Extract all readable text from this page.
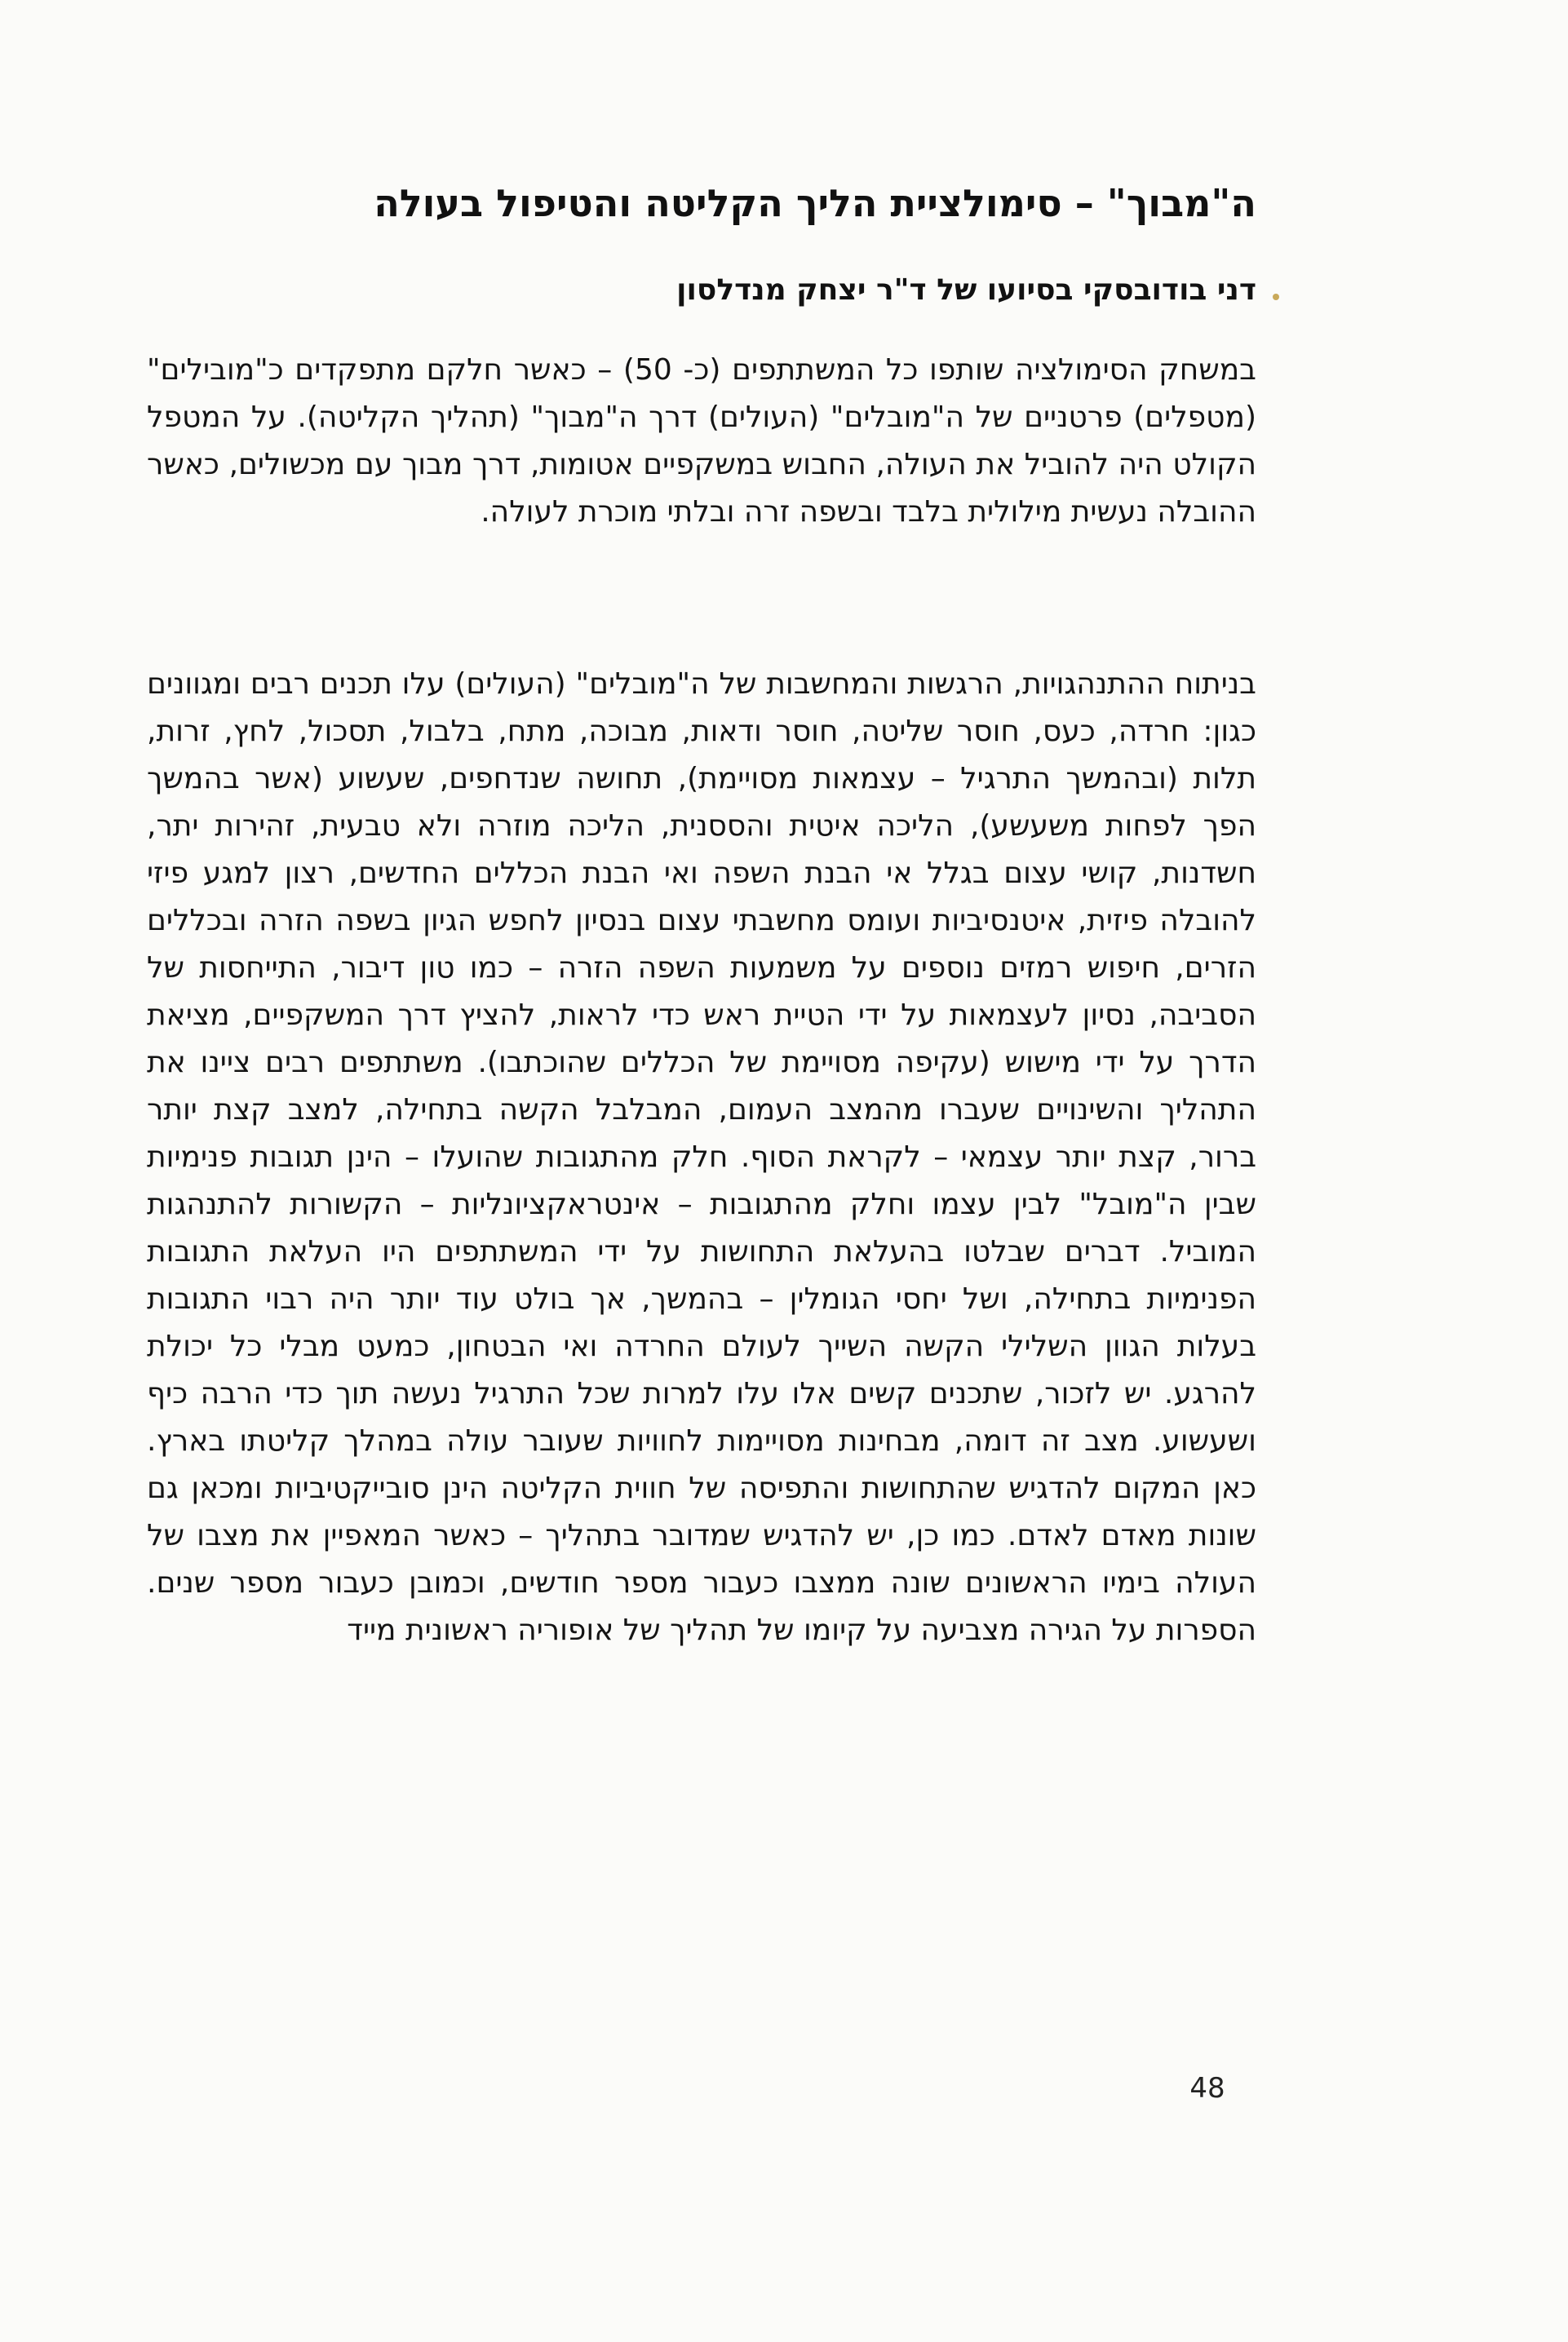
ה"מבוך" – סימולציית הליך הקליטה והטיפול בעולה
דני בודובסקי בסיועו של ד"ר יצחק מנדלסון

במשחק הסימולציה שותפו כל המשתתפים (כ- 50) – כאשר חלקם מתפקדים כ"מובילים" (מטפלים) פרטניים של ה"מובלים" (העולים) דרך ה"מבוך" (תהליך הקליטה). על המטפל הקולט היה להוביל את העולה, החבוש במשקפיים אטומות, דרך מבוך עם מכשולים, כאשר ההובלה נעשית מילולית בלבד ובשפה זרה ובלתי מוכרת לעולה.

בניתוח ההתנהגויות, הרגשות והמחשבות של ה"מובלים" (העולים) עלו תכנים רבים ומגוונים כגון: חרדה, כעס, חוסר שליטה, חוסר ודאות, מבוכה, מתח, בלבול, תסכול, לחץ, זרות, תלות (ובהמשך התרגיל – עצמאות מסויימת), תחושה שנדחפים, שעשוע (אשר בהמשך הפך לפחות משעשע), הליכה איטית והססנית, הליכה מוזרה ולא טבעית, זהירות יתר, חשדנות, קושי עצום בגלל אי הבנת השפה ואי הבנת הכללים החדשים, רצון למגע פיזי להובלה פיזית, איטנסיביות ועומס מחשבתי עצום בנסיון לחפש הגיון בשפה הזרה ובכללים הזרים, חיפוש רמזים נוספים על משמעות השפה הזרה – כמו טון דיבור, התייחסות של הסביבה, נסיון לעצמאות על ידי הטיית ראש כדי לראות, להציץ דרך המשקפיים, מציאת הדרך על ידי מישוש (עקיפה מסויימת של הכללים שהוכתבו). משתתפים רבים ציינו את התהליך והשינויים שעברו מהמצב העמום, המבלבל הקשה בתחילה, למצב קצת יותר ברור, קצת יותר עצמאי – לקראת הסוף. חלק מהתגובות שהועלו – הינן תגובות פנימיות שבין ה"מובל" לבין עצמו וחלק מהתגובות – אינטראקציונליות – הקשורות להתנהגות המוביל. דברים שבלטו בהעלאת התחושות על ידי המשתתפים היו העלאת התגובות הפנימיות בתחילה, ושל יחסי הגומלין – בהמשך, אך בולט עוד יותר היה רבוי התגובות בעלות הגוון השלילי הקשה השייך לעולם החרדה ואי הבטחון, כמעט מבלי כל יכולת להרגע. יש לזכור, שתכנים קשים אלו עלו למרות שכל התרגיל נעשה תוך כדי הרבה כיף ושעשוע. מצב זה דומה, מבחינות מסויימות לחוויות שעובר עולה במהלך קליטתו בארץ. כאן המקום להדגיש שהתחושות והתפיסה של חווית הקליטה הינן סובייקטיביות ומכאן גם שונות מאדם לאדם. כמו כן, יש להדגיש שמדובר בתהליך – כאשר המאפיין את מצבו של העולה בימיו הראשונים שונה ממצבו כעבור מספר חודשים, וכמובן כעבור מספר שנים. הספרות על הגירה מצביעה על קיומו של תהליך של אופוריה ראשונית מייד

48
